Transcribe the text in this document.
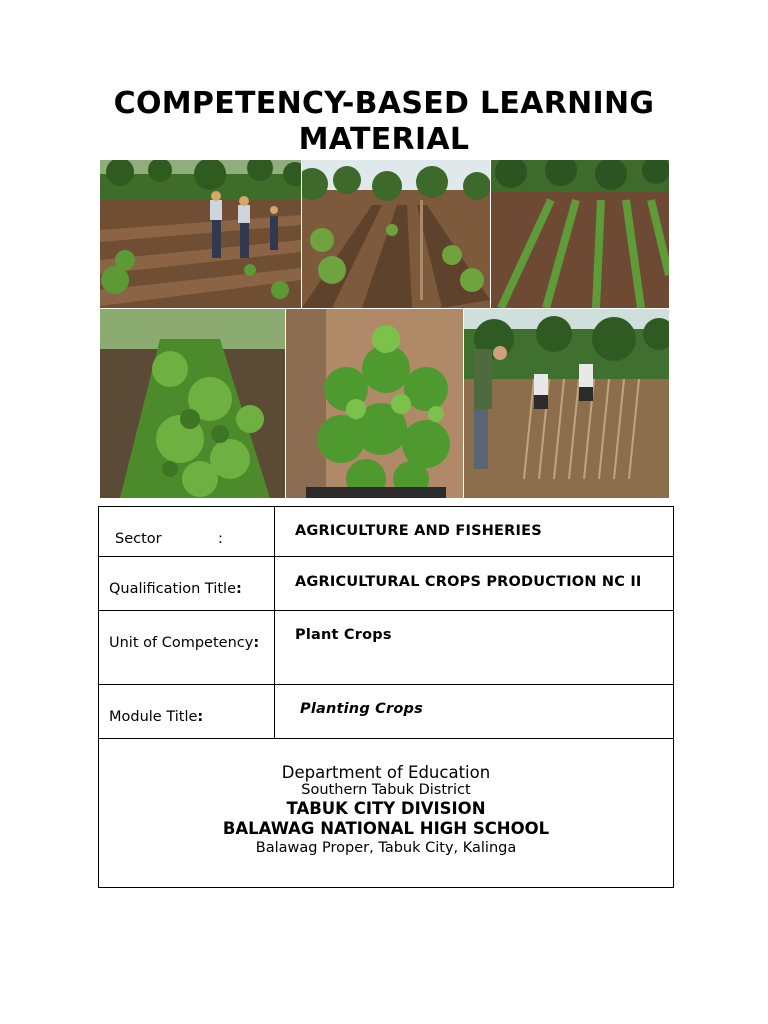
COMPETENCY-BASED LEARNING
MATERIAL
Sector	:	AGRICULTURE AND FISHERIES
Qualification Title:	AGRICULTURAL CROPS PRODUCTION NC II
Unit of Competency: Plant Crops
Module Title:	Planting Crops
Department of Education
Southern Tabuk District
TABUK CITY DIVISION
BALAWAG NATIONAL HIGH SCHOOL
Balawag Proper, Tabuk City, Kalinga
